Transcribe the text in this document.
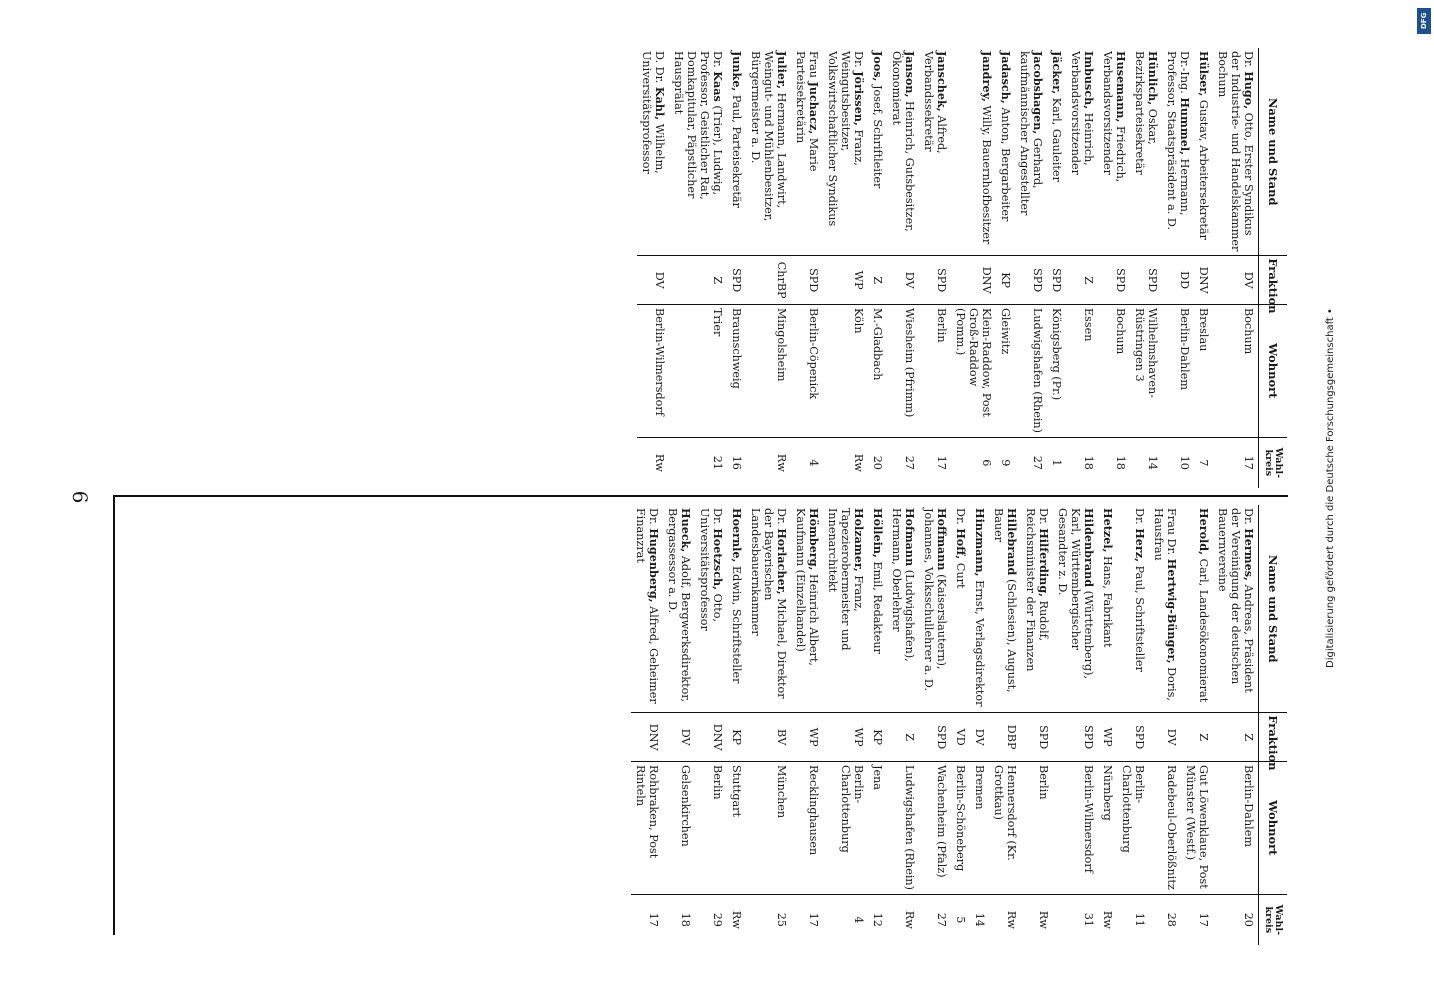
6
Name und Stand	Fraktion	Wohnort	Wahl-kreis
Dr. Hermes, Andreas, Präsident der Vereinigung der deutschen Bauernvereine	Z	Berlin-Dahlem	20
Herold, Carl, Landesökonomierat	Z	Gut Löwenklaue, Post Münster (Westf.)	17
Frau Dr. Hertwig-Bünger, Doris, Hausfrau	DV	Radebeul-Oberlößnitz	28
Dr. Herz, Paul, Schriftsteller	SPD	Berlin-Charlottenburg	11
Hetzel, Hans, Fabrikant	WP	Nürnberg	Rw
Hildenbrand (Württemberg), Karl, Württembergischer Gesandter z. D.	SPD	Berlin-Wilmersdorf	31
Dr. Hilferding, Rudolf, Reichsminister der Finanzen	SPD	Berlin	Rw
Hillebrand (Schlesien), August, Bauer	DBP	Hennersdorf (Kr. Grottkau)	Rw
Hinzmann, Ernst, Verlagsdirektor	DV	Bremen	14
Dr. Hoff, Curt	VD	Berlin-Schöneberg	5
Hoffmann (Kaiserslautern), Johannes, Volksschullehrer a. D.	SPD	Wachenheim (Pfalz)	27
Hofmann (Ludwigshafen), Hermann, Oberlehrer	Z	Ludwigshafen (Rhein)	Rw
Höllein, Emil, Redakteur	KP	Jena	12
Holzamer, Franz, Tapezierobermeister und Innenarchitekt	WP	Berlin-Charlottenburg	4
Hömberg, Heinrich Albert, Kaufmann (Einzelhandel)	WP	Recklinghausen	17
Dr. Horlacher, Michael, Direktor der Bayerischen Landesbauernkammer	BV	München	25
Hoernle, Edwin, Schriftsteller	KP	Stuttgart	Rw
Dr. Hoetzsch, Otto, Universitätsprofessor	DNV	Berlin	29
Hueck, Adolf, Bergwerksdirektor, Bergassessor a. D.	DV	Gelsenkirchen	18
Dr. Hugenberg, Alfred, Geheimer Finanzrat	DNV	Rohbraken, Post Rinteln	17
Name und Stand	Fraktion	Wohnort	Wahl-kreis
Dr. Hugo, Otto, Erster Syndikus der Industrie- und Handelskammer Bochum	DV	Bochum	17
Hülser, Gustav, Arbeitersekretär	DNV	Breslau	7
Dr.-Ing. Hummel, Hermann, Professor, Staatspräsident a. D.	DD	Berlin-Dahlem	10
Hünlich, Oskar, Bezirksparteisekretär	SPD	Wilhelmshaven-Rüstringen 3	14
Husemann, Friedrich, Verbandsvorsitzender	SPD	Bochum	18
Imbusch, Heinrich, Verbandsvorsitzender	Z	Essen	18
Jäcker, Karl, Gauleiter	SPD	Königsberg (Pr.)	1
Jacobshagen, Gerhard, kaufmännischer Angestellter	SPD	Ludwigshafen (Rhein)	27
Jadasch, Anton, Bergarbeiter	KP	Gleiwitz	9
Jandrey, Willy, Bauernhofbesitzer	DNV	Klein-Raddow, Post Groß-Raddow (Pomm.)	6
Janschek, Alfred, Verbandssekretär	SPD	Berlin	17
Janson, Heinrich, Gutsbesitzer, Ökonomierat	DV	Wiesheim (Pfrimm)	27
Joos, Josef, Schriftleiter	Z	M.-Gladbach	20
Dr. Jörissen, Franz, Weingutsbesitzer, Volkswirtschaftlicher Syndikus	WP	Köln	Rw
Frau Juchacz, Marie Parteisekretärin	SPD	Berlin-Cöpenick	4
Julier, Hermann, Landwirt, Weingut- und Mühlenbesitzer, Bürgermeister a. D.	ChrBP	Mingolsheim	Rw
Junke, Paul, Parteisekretär	SPD	Braunschweig	16
Dr. Kaas (Trier), Ludwig, Professor, Geistlicher Rat, Domkapitular, Päpstlicher Hausprälat	Z	Trier	21
D. Dr. Kahl, Wilhelm, Universitätsprofessor	DV	Berlin-Wilmersdorf	Rw	Digitalisierung gefördert durch die Deutsche Forschungsgemeinschaft •
DFG
